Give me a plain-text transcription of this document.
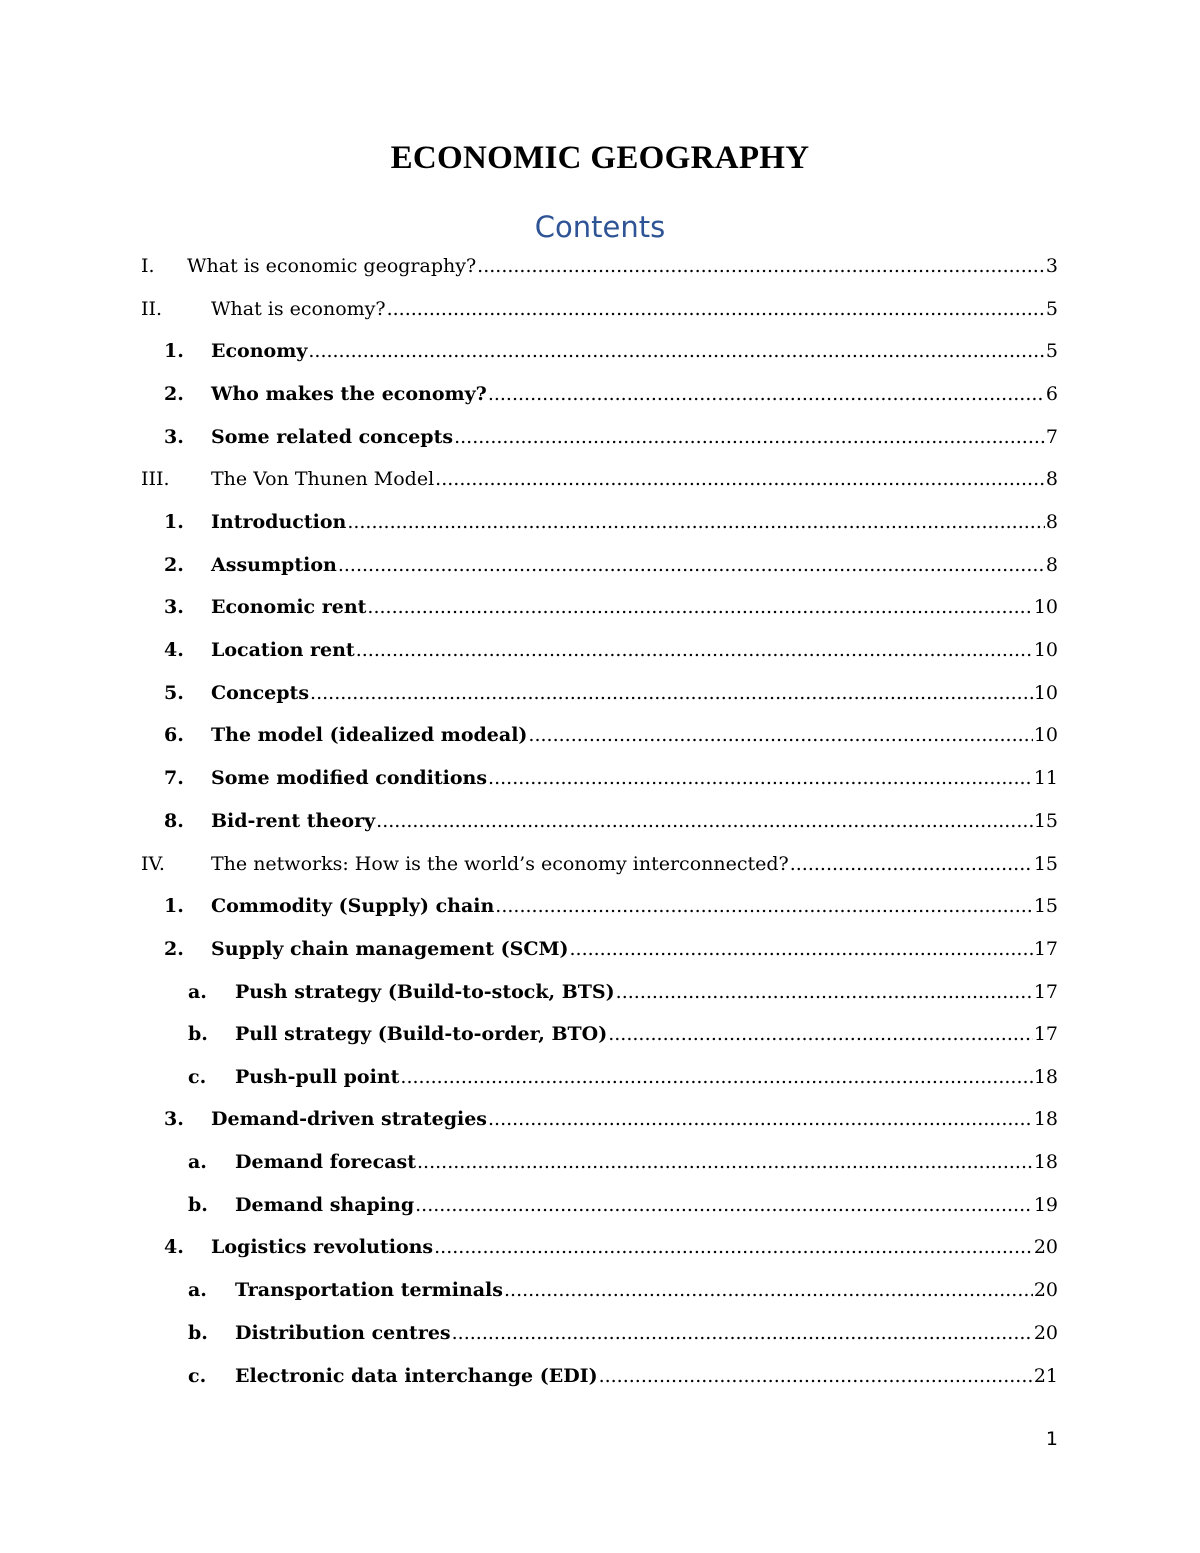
ECONOMIC GEOGRAPHY
Contents
I. What is economic geography? .....	3
II.	What is economy? .....	5
1. Economy .....	5
2. Who makes the economy? .....	6
3. Some related concepts .....	7
III. The Von Thunen Model .....	8
1. Introduction .....	8
2. Assumption .....	8
3. Economic rent .....	10
4. Location rent .....	10
5. Concepts .....	10
6. The model (idealized modeal) .....	10
7. Some modified conditions .....	11
8. Bid-rent theory .....	15
IV. The networks: How is the world’s economy interconnected? .....	15
1. Commodity (Supply) chain .....	15
2. Supply chain management (SCM) .....	17
a. Push strategy (Build-to-stock, BTS) .....	17
b. Pull strategy (Build-to-order, BTO) .....	17
c. Push-pull point .....	18
3. Demand-driven strategies .....	18
a. Demand forecast .....	18
b. Demand shaping .....	19
4. Logistics revolutions .....	20
a. Transportation terminals .....	20
b. Distribution centres .....	20
c. Electronic data interchange (EDI) .....	21
1
